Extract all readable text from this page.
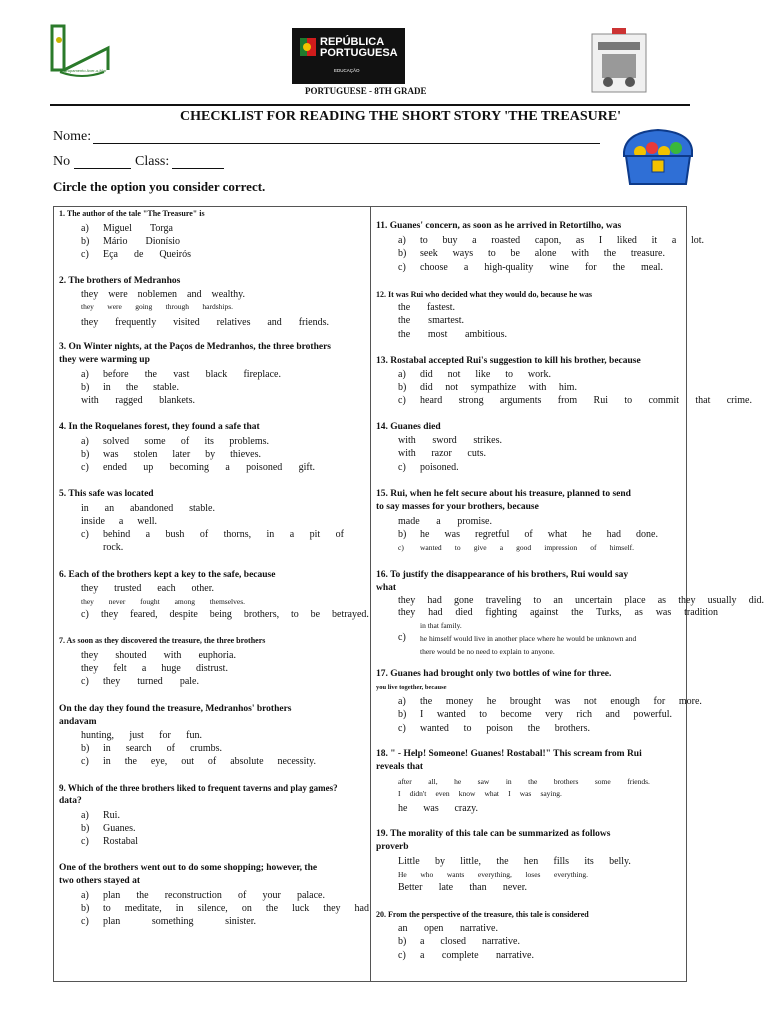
Agrupamento Aver-o-Mar
REPÚBLICA
PORTUGUESA
EDUCAÇÃO
PORTUGUESE - 8TH GRADE
CHECKLIST FOR READING THE SHORT STORY 'THE TREASURE'
Nome:
No	Class:
Circle the option you consider correct.
1. The author of the tale "The Treasure" is
a) Miguel Torga
b) Mário Dionísio
c) Eça de Queirós
2. The brothers of Medranhos
they were noblemen and wealthy.
they were going through hardships.
they frequently visited relatives and friends.
3. On Winter nights, at the Paços de Medranhos, the three brothers
they were warming up
a) before the vast black fireplace.
b) in the stable.
with ragged blankets.
4. In the Roquelanes forest, they found a safe that
a) solved some of its problems.
b) was stolen later by thieves.
c) ended up becoming a poisoned gift.
5. This safe was located
in an abandoned stable.
inside a well.
c) behind a bush of thorns, in a pit of
rock.
6. Each of the brothers kept a key to the safe, because
they trusted each other.
they never fought among themselves.
c) they feared, despite being brothers, to be betrayed.
7. As soon as they discovered the treasure, the three brothers
they shouted with euphoria.
they felt a huge distrust.
c) they turned pale.
On the day they found the treasure, Medranhos' brothers
andavam
hunting, just for fun.
b) in search of crumbs.
c) in the eye, out of absolute necessity.
9. Which of the three brothers liked to frequent taverns and play games?
data?
a) Rui.
b) Guanes.
c) Rostabal
One of the brothers went out to do some shopping; however, the
two others stayed at
a) plan the reconstruction of your palace.
b) to meditate, in silence, on the luck they had
c) plan	something	sinister.
11. Guanes' concern, as soon as he arrived in Retortilho, was
a) to buy a roasted capon, as I liked it a lot.
b) seek ways to be alone with the treasure.
c) choose a high-quality wine for the meal.
12. It was Rui who decided what they would do, because he was
the fastest.
the smartest.
the most ambitious.
13. Rostabal accepted Rui's suggestion to kill his brother, because
a) did not like to work.
b) did not sympathize with him.
c) heard strong arguments from Rui to commit that crime.
14. Guanes died
with sword strikes.
with razor cuts.
c) poisoned.
15. Rui, when he felt secure about his treasure, planned to send
to say masses for your brothers, because
made a promise.
b) he was regretful of what he had done.
c) wanted to give a good impression of himself.
16. To justify the disappearance of his brothers, Rui would say
what
they had gone traveling to an uncertain place as they usually did.
they had died fighting against the Turks, as was tradition
in that family.
c) he himself would live in another place where he would be unknown and
there would be no need to explain to anyone.
17. Guanes had brought only two bottles of wine for three.
you live together, because
a) the money he brought was not enough for more.
b) I wanted to become very rich and powerful.
c) wanted to poison the brothers.
18. " - Help! Someone! Guanes! Rostabal!" This scream from Rui
reveals that
after all, he saw in the brothers some friends.
I didn't even know what I was saying.
he was crazy.
19. The morality of this tale can be summarized as follows
proverb
Little by little, the hen fills its belly.
He who wants everything, loses everything.
Better late than never.
20. From the perspective of the treasure, this tale is considered
an open narrative.
b) a closed narrative.
c) a complete narrative.
